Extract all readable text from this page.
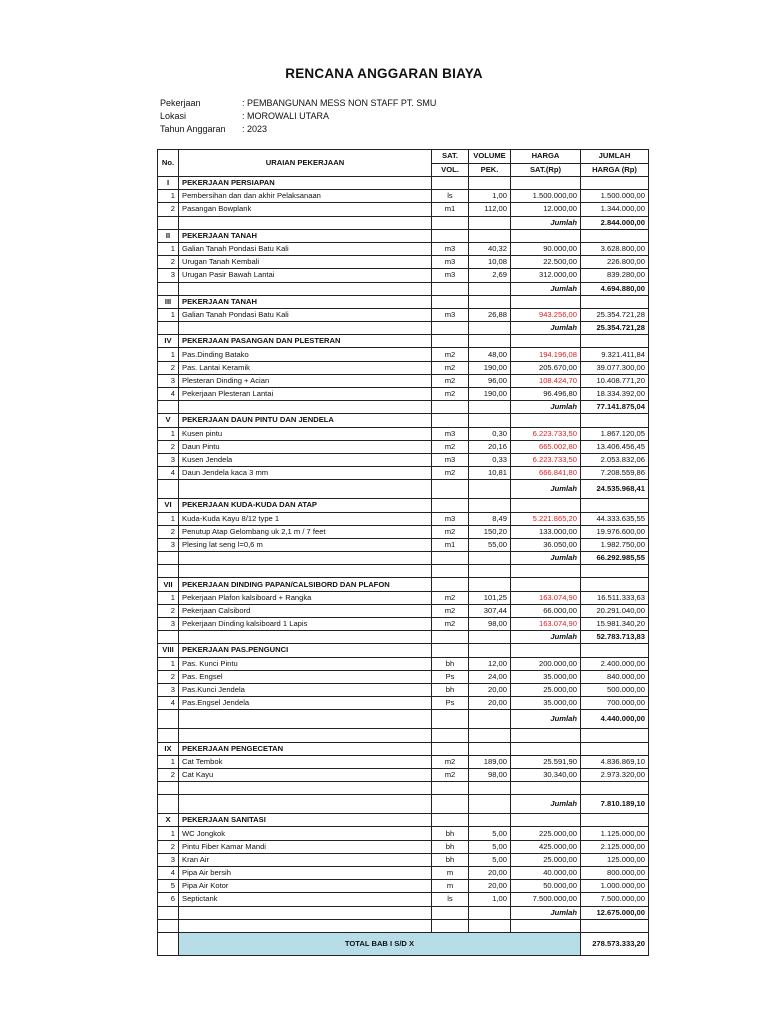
RENCANA ANGGARAN BIAYA
Pekerjaan	: PEMBANGUNAN MESS NON STAFF PT. SMU
Lokasi	: MOROWALI UTARA
Tahun Anggaran : 2023
No.	URAIAN PEKERJAAN	SAT.	VOLUME	HARGA	JUMLAH
		VOL.	PEK.	SAT.(Rp)	HARGA (Rp)
I	PEKERJAAN PERSIAPAN				
1	Pembersihan dan dan akhir Pelaksanaan	ls	1,00	1.500.000,00	1.500.000,00
2	Pasangan Bowplank	m1	112,00	12.000,00	1.344.000,00
				Jumlah	2.844.000,00
II	PEKERJAAN TANAH				
1	Galian Tanah Pondasi Batu Kali	m3	40,32	90.000,00	3.628.800,00
2	Urugan Tanah Kembali	m3	10,08	22.500,00	226.800,00
3	Urugan Pasir Bawah Lantai	m3	2,69	312.000,00	839.280,00
				Jumlah	4.694.880,00
III	PEKERJAAN TANAH				
1	Galian Tanah Pondasi Batu Kali	m3	26,88	943.256,00	25.354.721,28
				Jumlah	25.354.721,28
IV	PEKERJAAN PASANGAN DAN PLESTERAN				
1	Pas.Dinding Batako	m2	48,00	194.196,08	9.321.411,84
2	Pas. Lantai Keramik	m2	190,00	205.670,00	39.077.300,00
3	Plesteran Dinding + Acian	m2	96,00	108.424,70	10.408.771,20
4	Pekerjaan Plesteran Lantai	m2	190,00	96.496,80	18.334.392,00
				Jumlah	77.141.875,04
V	PEKERJAAN DAUN PINTU DAN JENDELA				
1	Kusen pintu	m3	0,30	6.223.733,50	1.867.120,05
2	Daun Pintu	m2	20,16	665.002,80	13.406.456,45
3	Kusen Jendela	m3	0,33	6.223.733,50	2.053.832,06
4	Daun Jendela kaca 3 mm	m2	10,81	666.841,80	7.208.559,86
				Jumlah	24.535.968,41
VI	PEKERJAAN KUDA-KUDA DAN ATAP				
1	Kuda-Kuda Kayu 8/12 type 1	m3	8,49	5.221.865,20	44.333.635,55
2	Penutup Atap Gelombang uk 2,1 m / 7 feet	m2	150,20	133.000,00	19.976.600,00
3	Plesing lat seng l=0,6 m	m1	55,00	36.050,00	1.982.750,00
				Jumlah	66.292.985,55

VII	PEKERJAAN DINDING PAPAN/CALSIBORD DAN PLAFON				
1	Pekerjaan Plafon kalsiboard + Rangka	m2	101,25	163.074,90	16.511.333,63
2	Pekerjaan Calsibord	m2	307,44	66.000,00	20.291.040,00
3	Pekerjaan Dinding kalsiboard 1 Lapis	m2	98,00	163.074,90	15.981.340,20
				Jumlah	52.783.713,83
VIII	PEKERJAAN PAS.PENGUNCI				
1	Pas. Kunci Pintu	bh	12,00	200.000,00	2.400.000,00
2	Pas. Engsel	Ps	24,00	35.000,00	840.000,00
3	Pas.Kunci Jendela	bh	20,00	25.000,00	500.000,00
4	Pas.Engsel Jendela	Ps	20,00	35.000,00	700.000,00
				Jumlah	4.440.000,00

IX	PEKERJAAN PENGECETAN				
1	Cat Tembok	m2	189,00	25.591,90	4.836.869,10
2	Cat Kayu	m2	98,00	30.340,00	2.973.320,00

				Jumlah	7.810.189,10
X	PEKERJAAN SANITASI				
1	WC Jongkok	bh	5,00	225.000,00	1.125.000,00
2	Pintu Fiber Kamar Mandi	bh	5,00	425.000,00	2.125.000,00
3	Kran Air	bh	5,00	25.000,00	125.000,00
4	Pipa Air bersih	m	20,00	40.000,00	800.000,00
5	Pipa Air Kotor	m	20,00	50.000,00	1.000.000,00
6	Septictank	ls	1,00	7.500.000,00	7.500.000,00
				Jumlah	12.675.000,00

	TOTAL BAB I S/D X				278.573.333,20
